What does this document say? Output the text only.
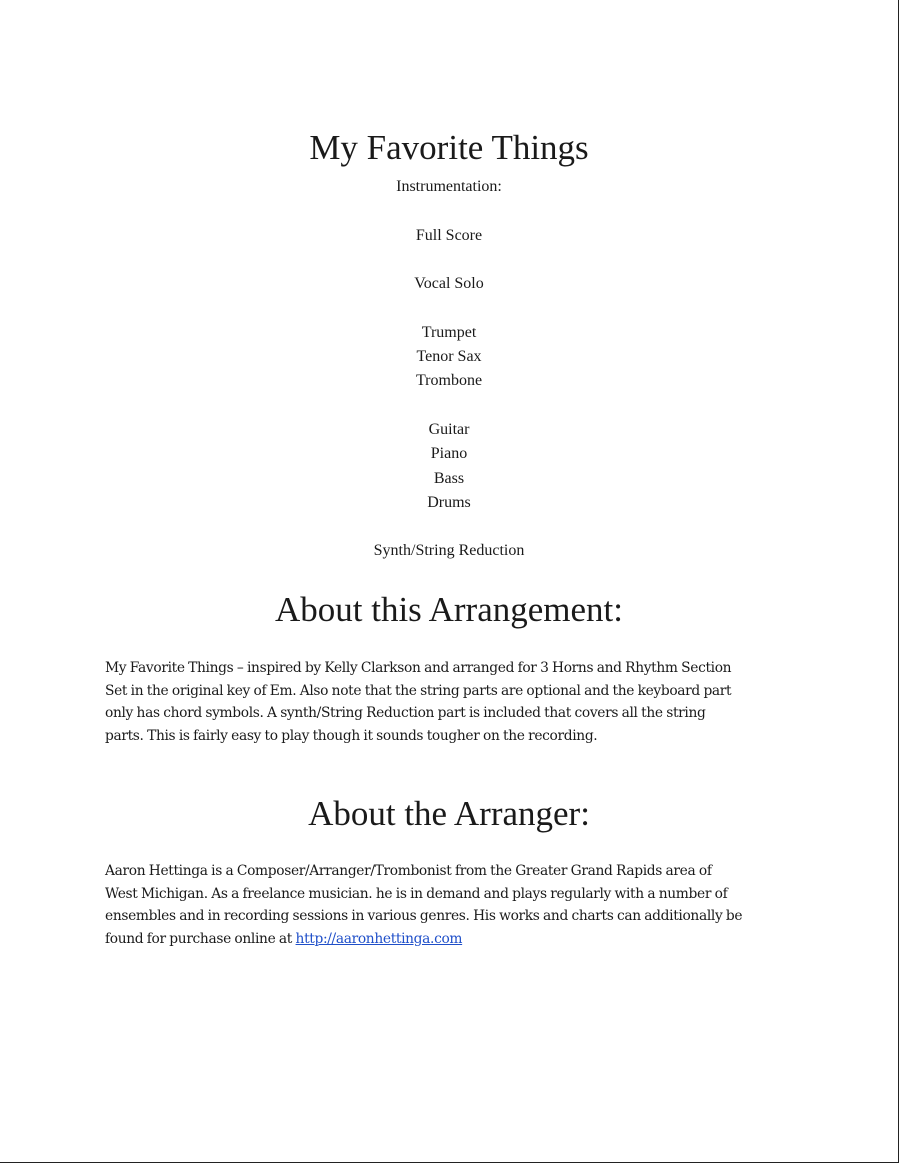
My Favorite Things
Instrumentation:
Full Score
Vocal Solo
Trumpet
Tenor Sax
Trombone
Guitar
Piano
Bass
Drums
Synth/String Reduction
About this Arrangement:
My Favorite Things – inspired by Kelly Clarkson and arranged for 3 Horns and Rhythm Section
Set in the original key of Em. Also note that the string parts are optional and the keyboard part
only has chord symbols. A synth/String Reduction part is included that covers all the string
parts. This is fairly easy to play though it sounds tougher on the recording.
About the Arranger:
Aaron Hettinga is a Composer/Arranger/Trombonist from the Greater Grand Rapids area of
West Michigan. As a freelance musician. he is in demand and plays regularly with a number of
ensembles and in recording sessions in various genres. His works and charts can additionally be
found for purchase online at http://aaronhettinga.com
